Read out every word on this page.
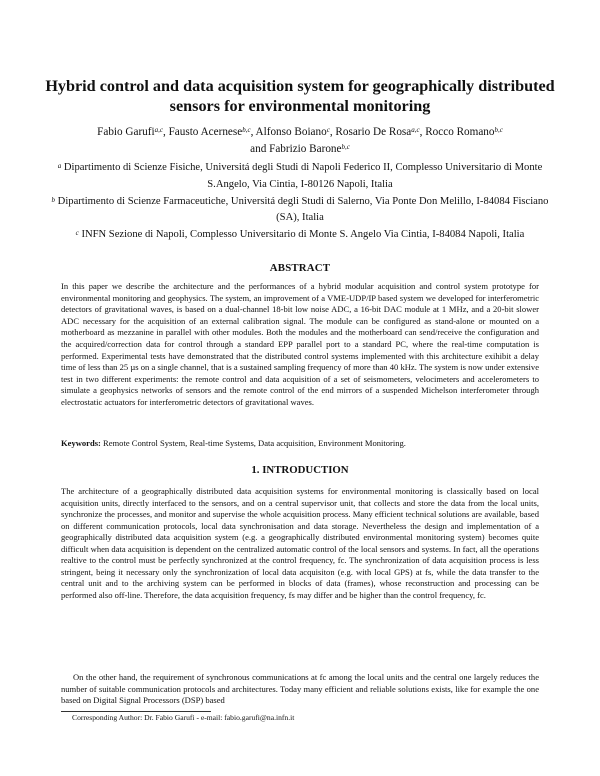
Hybrid control and data acquisition system for geographically distributed sensors for environmental monitoring
Fabio Garufi$^{a,c}$, Fausto Acernese$^{b,c}$, Alfonso Boiano$^c$, Rosario De Rosa$^{a,c}$, Rocco Romano$^{b,c}$
and Fabrizio Barone$^{b,c}$

$^a$ Dipartimento di Scienze Fisiche, Universitá degli Studi di Napoli Federico II, Complesso Universitario di Monte S.Angelo, Via Cintia, I-80126 Napoli, Italia

$^b$ Dipartimento di Scienze Farmaceutiche, Universitá degli Studi di Salerno, Via Ponte Don Melillo, I-84084 Fisciano (SA), Italia

$^c$ INFN Sezione di Napoli, Complesso Universitario di Monte S. Angelo Via Cintia, I-84084 Napoli, Italia

ABSTRACT
In this paper we describe the architecture and the performances of a hybrid modular acquisition and control system prototype for environmental monitoring and geophysics. The system, an improvement of a VME-UDP/IP based system we developed for interferometric detectors of gravitational waves, is based on a dual-channel 18-bit low noise ADC, a 16-bit DAC module at 1 MHz, and a 20-bit slower ADC necessary for the acquisition of an external calibration signal. The module can be configured as stand-alone or mounted on a motherboard as mezzanine in parallel with other modules. Both the modules and the motherboard can send/receive the configuration and the acquired/correction data for control through a standard EPP parallel port to a standard PC, where the real-time computation is performed. Experimental tests have demonstrated that the distributed control systems implemented with this architecture exihibit a delay time of less than 25 µs on a single channel, that is a sustained sampling frequency of more than 40 kHz. The system is now under extensive test in two different experiments: the remote control and data acquisition of a set of seismometers, velocimeters and accelerometers to simulate a geophysics networks of sensors and the remote control of the end mirrors of a suspended Michelson interferometer through electrostatic actuators for interferometric detectors of gravitational waves.
Keywords: Remote Control System, Real-time Systems, Data acquisition, Environment Monitoring.
1. INTRODUCTION
The architecture of a geographically distributed data acquisition systems for environmental monitoring is classically based on local acquisition units, directly interfaced to the sensors, and on a central supervisor unit, that collects and store the data from the local units, synchronize the processes, and monitor and supervise the whole acquisition process. Many efficient technical solutions are available, based on different communication protocols, local data synchronisation and data storage. Nevertheless the design and implementation of a geographically distributed data acquisition system (e.g. a geographically distributed environmental monitoring system) becomes quite difficult when data acquisition is dependent on the centralized automatic control of the local sensors and systems. In fact, all the operations realtive to the control must be perfectly synchronized at the control frequency, fc. The synchronization of data acquisition process is less stringent, being it necessary only the synchronization of local data acquisiton (e.g. with local GPS) at fs, while the data transfer to the central unit and to the archiving system can be performed in blocks of data (frames), whose reconstruction and processing can be performed also off-line. Therefore, the data acquisition frequency, fs may differ and be higher than the control frequency, fc.
On the other hand, the requirement of synchronous communications at fc among the local units and the central one largely reduces the number of suitable communication protocols and architectures. Today many efficient and reliable solutions exists, like for example the one based on Digital Signal Processors (DSP) based
Corresponding Author: Dr. Fabio Garufi - e-mail: fabio.garufi@na.infn.it
